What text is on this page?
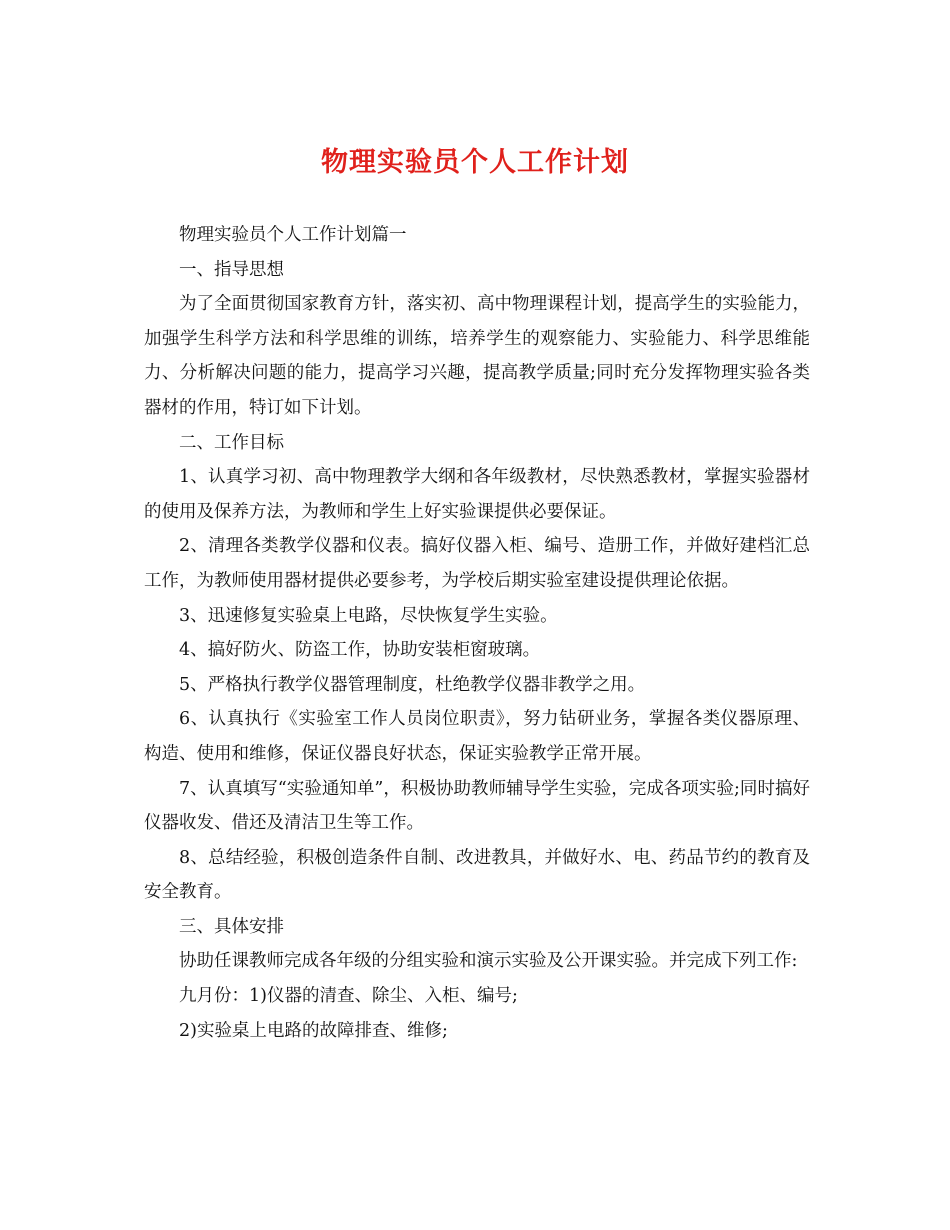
物理实验员个人工作计划

物理实验员个人工作计划篇一

一、指导思想

为了全面贯彻国家教育方针，落实初、高中物理课程计划，提高学生的实验能力，加强学生科学方法和科学思维的训练，培养学生的观察能力、实验能力、科学思维能力、分析解决问题的能力，提高学习兴趣，提高教学质量;同时充分发挥物理实验各类器材的作用，特订如下计划。

二、工作目标

1、认真学习初、高中物理教学大纲和各年级教材，尽快熟悉教材，掌握实验器材的使用及保养方法，为教师和学生上好实验课提供必要保证。

2、清理各类教学仪器和仪表。搞好仪器入柜、编号、造册工作，并做好建档汇总工作，为教师使用器材提供必要参考，为学校后期实验室建设提供理论依据。

3、迅速修复实验桌上电路，尽快恢复学生实验。

4、搞好防火、防盗工作，协助安装柜窗玻璃。

5、严格执行教学仪器管理制度，杜绝教学仪器非教学之用。

6、认真执行《实验室工作人员岗位职责》，努力钻研业务，掌握各类仪器原理、构造、使用和维修，保证仪器良好状态，保证实验教学正常开展。

7、认真填写“实验通知单”，积极协助教师辅导学生实验，完成各项实验;同时搞好仪器收发、借还及清洁卫生等工作。

8、总结经验，积极创造条件自制、改进教具，并做好水、电、药品节约的教育及安全教育。

三、具体安排

协助任课教师完成各年级的分组实验和演示实验及公开课实验。并完成下列工作:

九月份：1)仪器的清查、除尘、入柜、编号;

2)实验桌上电路的故障排查、维修;
